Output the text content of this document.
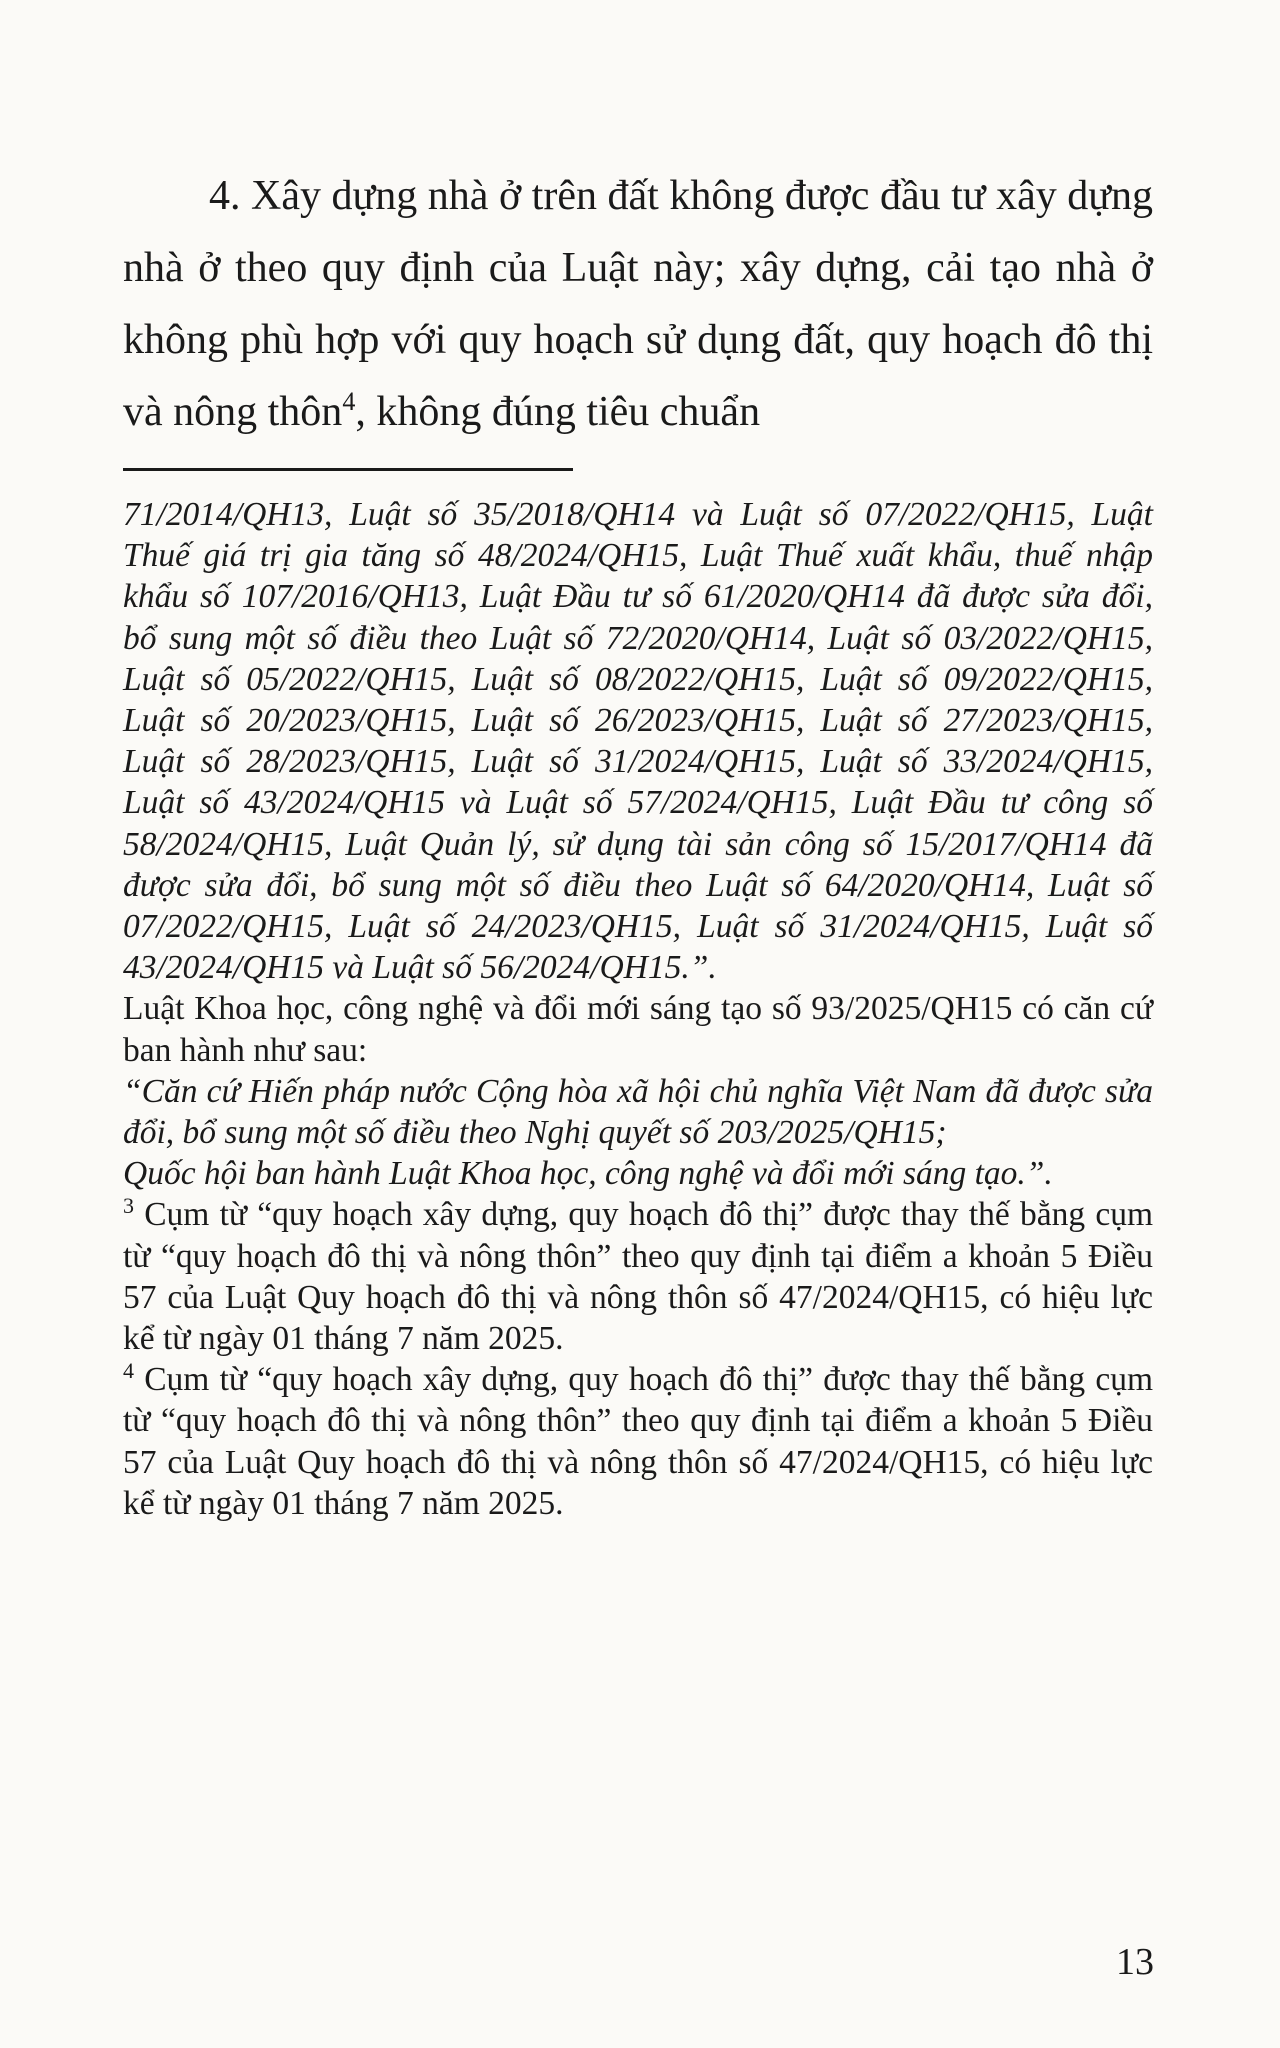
4. Xây dựng nhà ở trên đất không được đầu tư xây dựng nhà ở theo quy định của Luật này; xây dựng, cải tạo nhà ở không phù hợp với quy hoạch sử dụng đất, quy hoạch đô thị và nông thôn$^4$, không đúng tiêu chuẩn

71/2014/QH13, Luật số 35/2018/QH14 và Luật số 07/2022/QH15, Luật Thuế giá trị gia tăng số 48/2024/QH15, Luật Thuế xuất khẩu, thuế nhập khẩu số 107/2016/QH13, Luật Đầu tư số 61/2020/QH14 đã được sửa đổi, bổ sung một số điều theo Luật số 72/2020/QH14, Luật số 03/2022/QH15, Luật số 05/2022/QH15, Luật số 08/2022/QH15, Luật số 09/2022/QH15, Luật số 20/2023/QH15, Luật số 26/2023/QH15, Luật số 27/2023/QH15, Luật số 28/2023/QH15, Luật số 31/2024/QH15, Luật số 33/2024/QH15, Luật số 43/2024/QH15 và Luật số 57/2024/QH15, Luật Đầu tư công số 58/2024/QH15, Luật Quản lý, sử dụng tài sản công số 15/2017/QH14 đã được sửa đổi, bổ sung một số điều theo Luật số 64/2020/QH14, Luật số 07/2022/QH15, Luật số 24/2023/QH15, Luật số 31/2024/QH15, Luật số 43/2024/QH15 và Luật số 56/2024/QH15.”.

Luật Khoa học, công nghệ và đổi mới sáng tạo số 93/2025/QH15 có căn cứ ban hành như sau:

“Căn cứ Hiến pháp nước Cộng hòa xã hội chủ nghĩa Việt Nam đã được sửa đổi, bổ sung một số điều theo Nghị quyết số 203/2025/QH15;

Quốc hội ban hành Luật Khoa học, công nghệ và đổi mới sáng tạo.”.

$^3$ Cụm từ “quy hoạch xây dựng, quy hoạch đô thị” được thay thế bằng cụm từ “quy hoạch đô thị và nông thôn” theo quy định tại điểm a khoản 5 Điều 57 của Luật Quy hoạch đô thị và nông thôn số 47/2024/QH15, có hiệu lực kể từ ngày 01 tháng 7 năm 2025.

$^4$ Cụm từ “quy hoạch xây dựng, quy hoạch đô thị” được thay thế bằng cụm từ “quy hoạch đô thị và nông thôn” theo quy định tại điểm a khoản 5 Điều 57 của Luật Quy hoạch đô thị và nông thôn số 47/2024/QH15, có hiệu lực kể từ ngày 01 tháng 7 năm 2025.

13
